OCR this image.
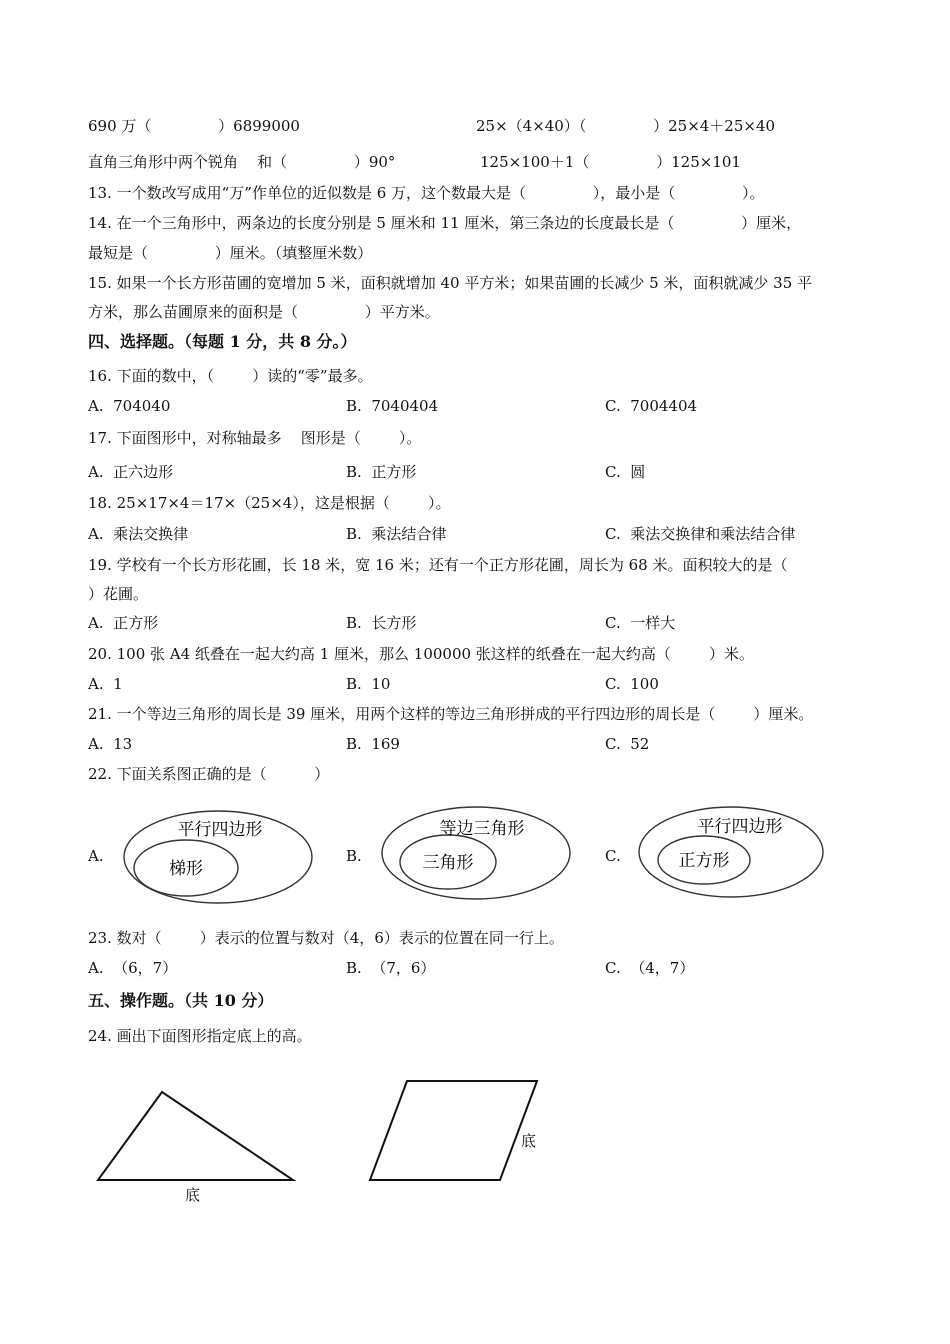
690 万（              ）6899000	25×（4×40）（              ）25×4＋25×40
直角三角形中两个锐角    和（              ）90°	125×100＋1（              ）125×101
13. 一个数改写成用“万”作单位的近似数是 6 万，这个数最大是（              ），最小是（              ）。
14. 在一个三角形中，两条边的长度分别是 5 厘米和 11 厘米，第三条边的长度最长是（              ）厘米，
最短是（              ）厘米。（填整厘米数）
15. 如果一个长方形苗圃的宽增加 5 米，面积就增加 40 平方米；如果苗圃的长减少 5 米，面积就减少 35 平
方米，那么苗圃原来的面积是（              ）平方米。
四、选择题。（每题 1 分，共 8 分。）
16. 下面的数中，（        ）读的“零”最多。
A.  704040	B.  7040404	C.  7004404
17. 下面图形中，对称轴最多    图形是（        ）。
A.  正六边形	B.  正方形	C.  圆
18. 25×17×4＝17×（25×4），这是根据（        ）。
A.  乘法交换律	B.  乘法结合律	C.  乘法交换律和乘法结合律
19. 学校有一个长方形花圃，长 18 米，宽 16 米；还有一个正方形花圃，周长为 68 米。面积较大的是（
）花圃。
A.  正方形	B.  长方形	C.  一样大
20. 100 张 A4 纸叠在一起大约高 1 厘米，那么 100000 张这样的纸叠在一起大约高（        ）米。
A.  1	B.  10	C.  100
21. 一个等边三角形的周长是 39 厘米，用两个这样的等边三角形拼成的平行四边形的周长是（        ）厘米。
A.  13	B.  169	C.  52
22. 下面关系图正确的是（          ）
A.
平行四边形
梯形
B.
等边三角形
三角形	C.
平行四边形
正方形
23. 数对（        ）表示的位置与数对（4，6）表示的位置在同一行上。
A.  （6，7）	B.  （7，6）	C.  （4，7）
五、操作题。（共 10 分）
24. 画出下面图形指定底上的高。
底
底
